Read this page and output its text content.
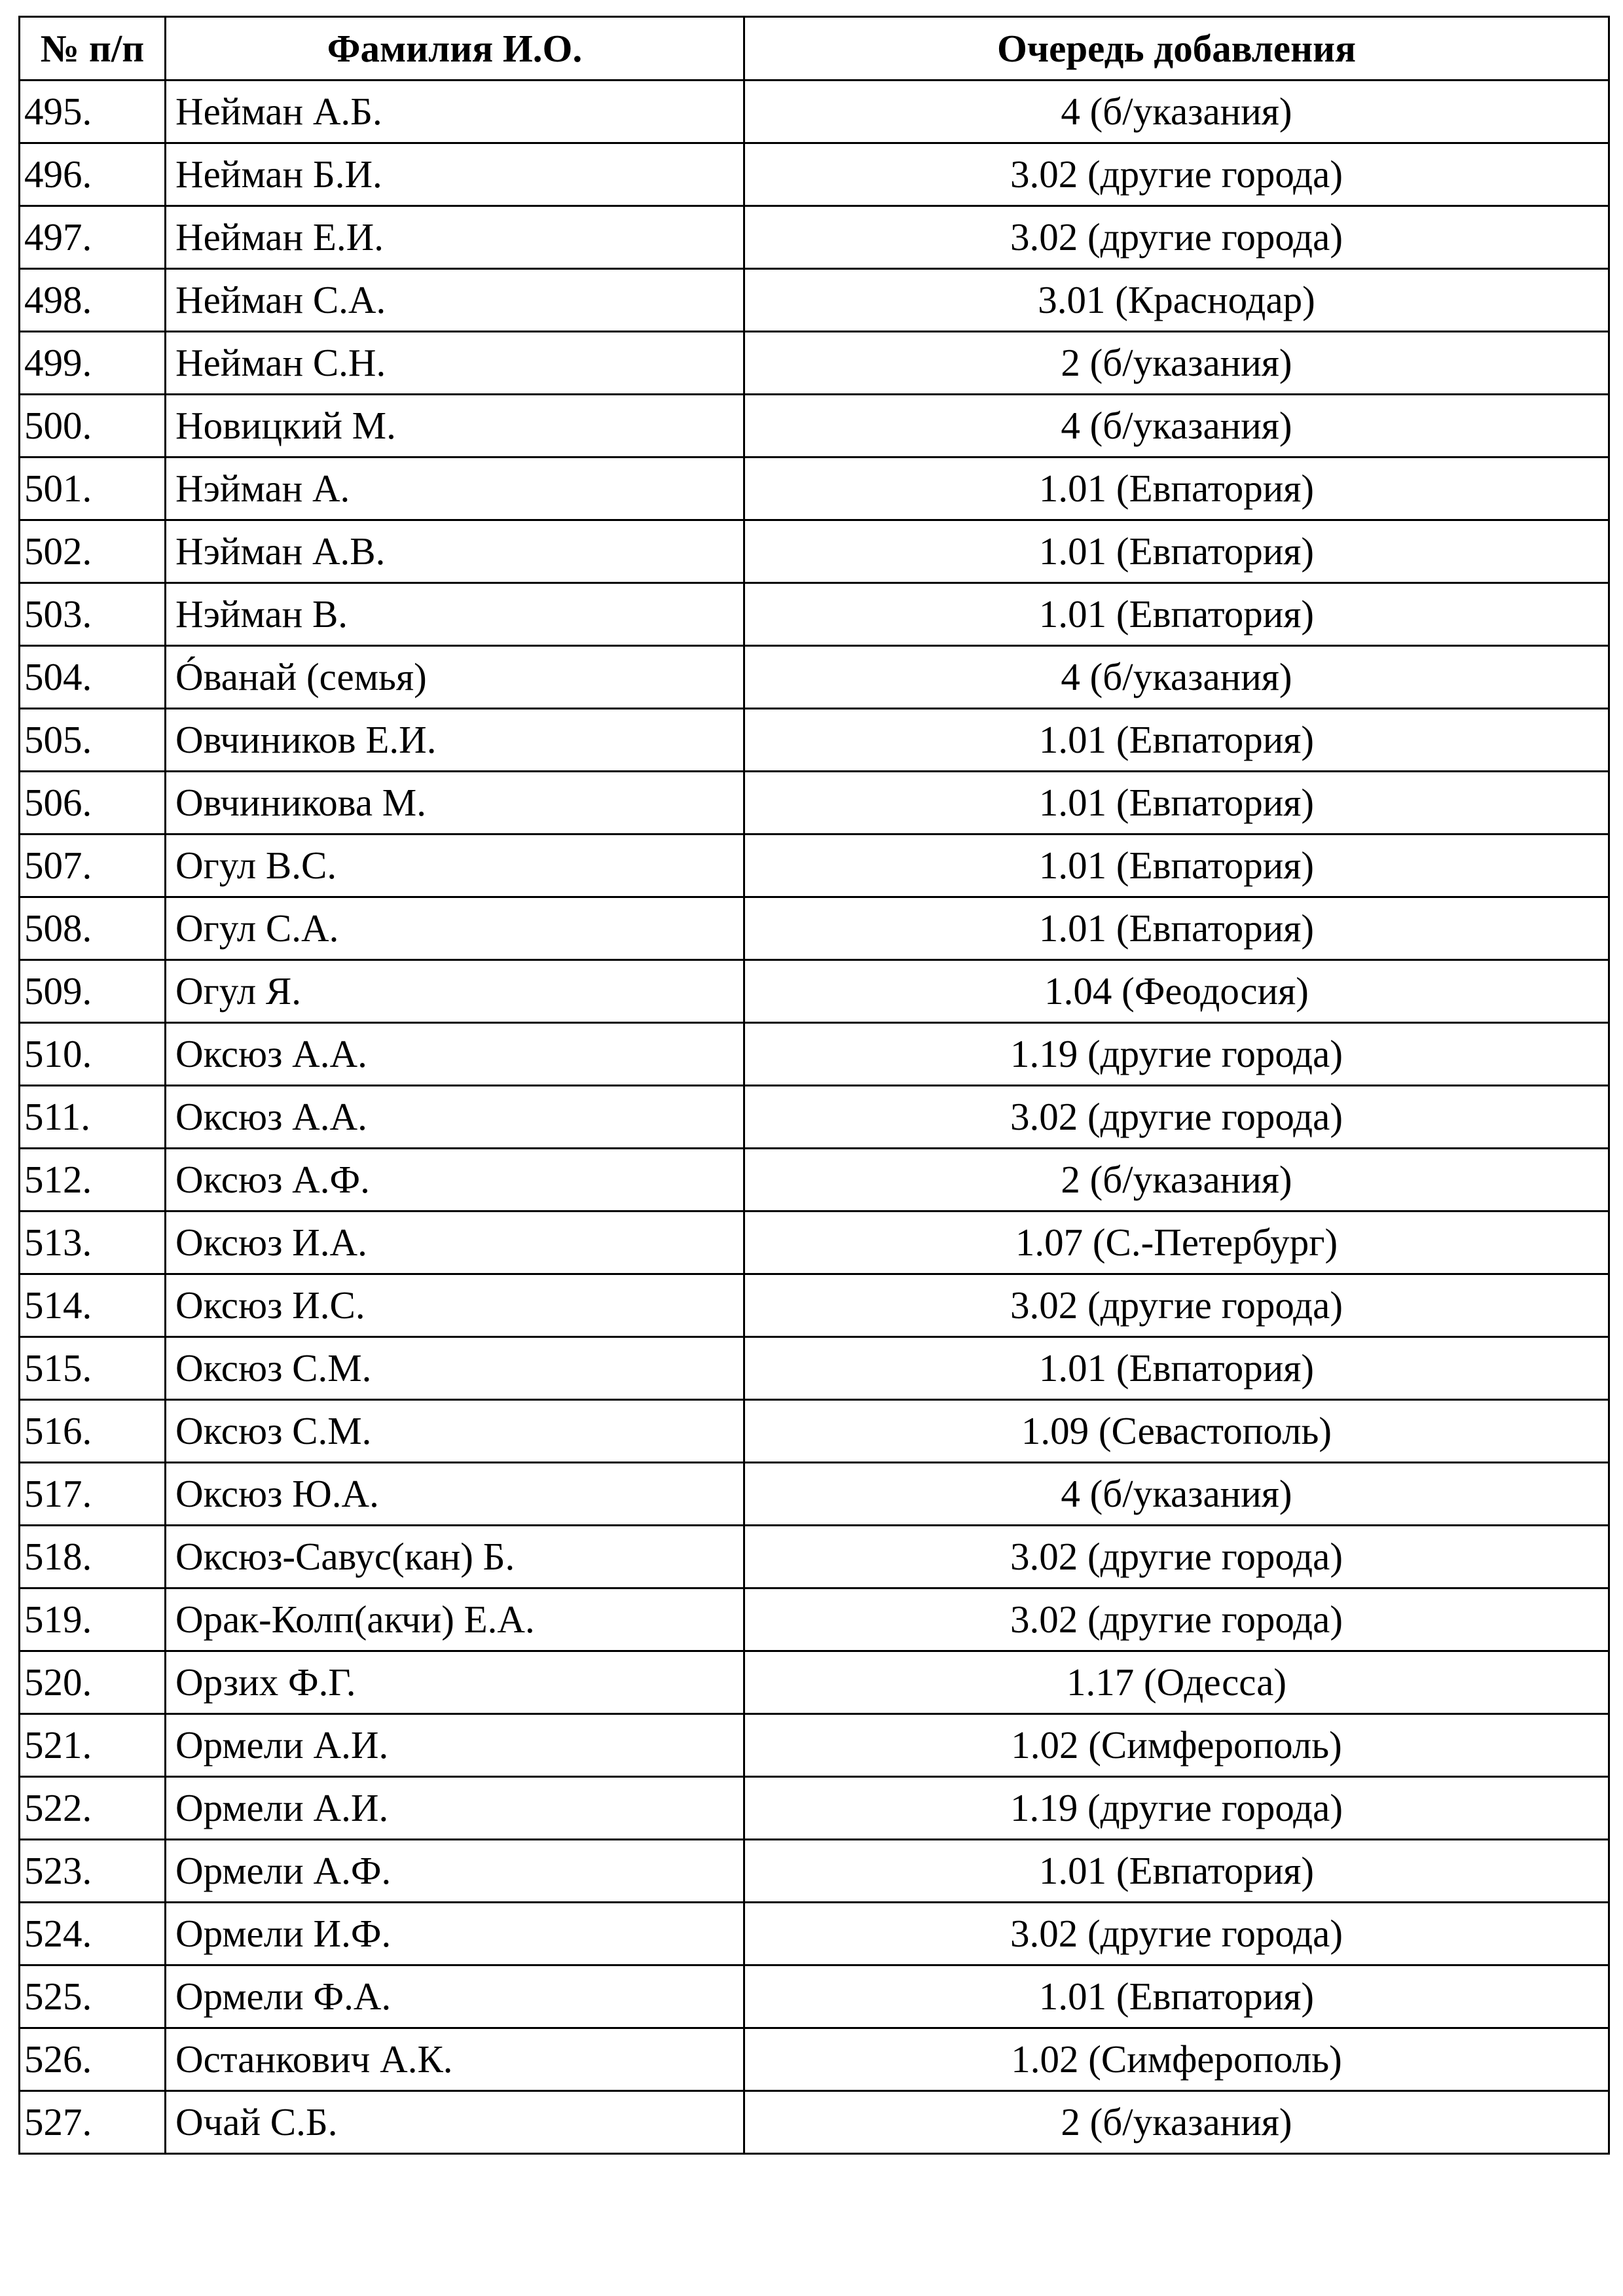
№ п/п	Фамилия И.О.	Очередь добавления
495.	Нейман А.Б.	4 (б/указания)
496.	Нейман Б.И.	3.02 (другие города)
497.	Нейман Е.И.	3.02 (другие города)
498.	Нейман С.А.	3.01 (Краснодар)
499.	Нейман С.Н.	2 (б/указания)
500.	Новицкий М.	4 (б/указания)
501.	Нэйман А.	1.01 (Евпатория)
502.	Нэйман А.В.	1.01 (Евпатория)
503.	Нэйман В.	1.01 (Евпатория)
504.	Óванай (семья)	4 (б/указания)
505.	Овчиников Е.И.	1.01 (Евпатория)
506.	Овчиникова М.	1.01 (Евпатория)
507.	Огул В.С.	1.01 (Евпатория)
508.	Огул С.А.	1.01 (Евпатория)
509.	Огул Я.	1.04 (Феодосия)
510.	Оксюз А.А.	1.19 (другие города)
511.	Оксюз А.А.	3.02 (другие города)
512.	Оксюз А.Ф.	2 (б/указания)
513.	Оксюз И.А.	1.07 (С.-Петербург)
514.	Оксюз И.С.	3.02 (другие города)
515.	Оксюз С.М.	1.01 (Евпатория)
516.	Оксюз С.М.	1.09 (Севастополь)
517.	Оксюз Ю.А.	4 (б/указания)
518.	Оксюз-Савус(кан) Б.	3.02 (другие города)
519.	Орак-Колп(акчи) Е.А.	3.02 (другие города)
520.	Орзих Ф.Г.	1.17 (Одесса)
521.	Ормели А.И.	1.02 (Симферополь)
522.	Ормели А.И.	1.19 (другие города)
523.	Ормели А.Ф.	1.01 (Евпатория)
524.	Ормели И.Ф.	3.02 (другие города)
525.	Ормели Ф.А.	1.01 (Евпатория)
526.	Останкович А.К.	1.02 (Симферополь)
527.	Очай С.Б.	2 (б/указания)
